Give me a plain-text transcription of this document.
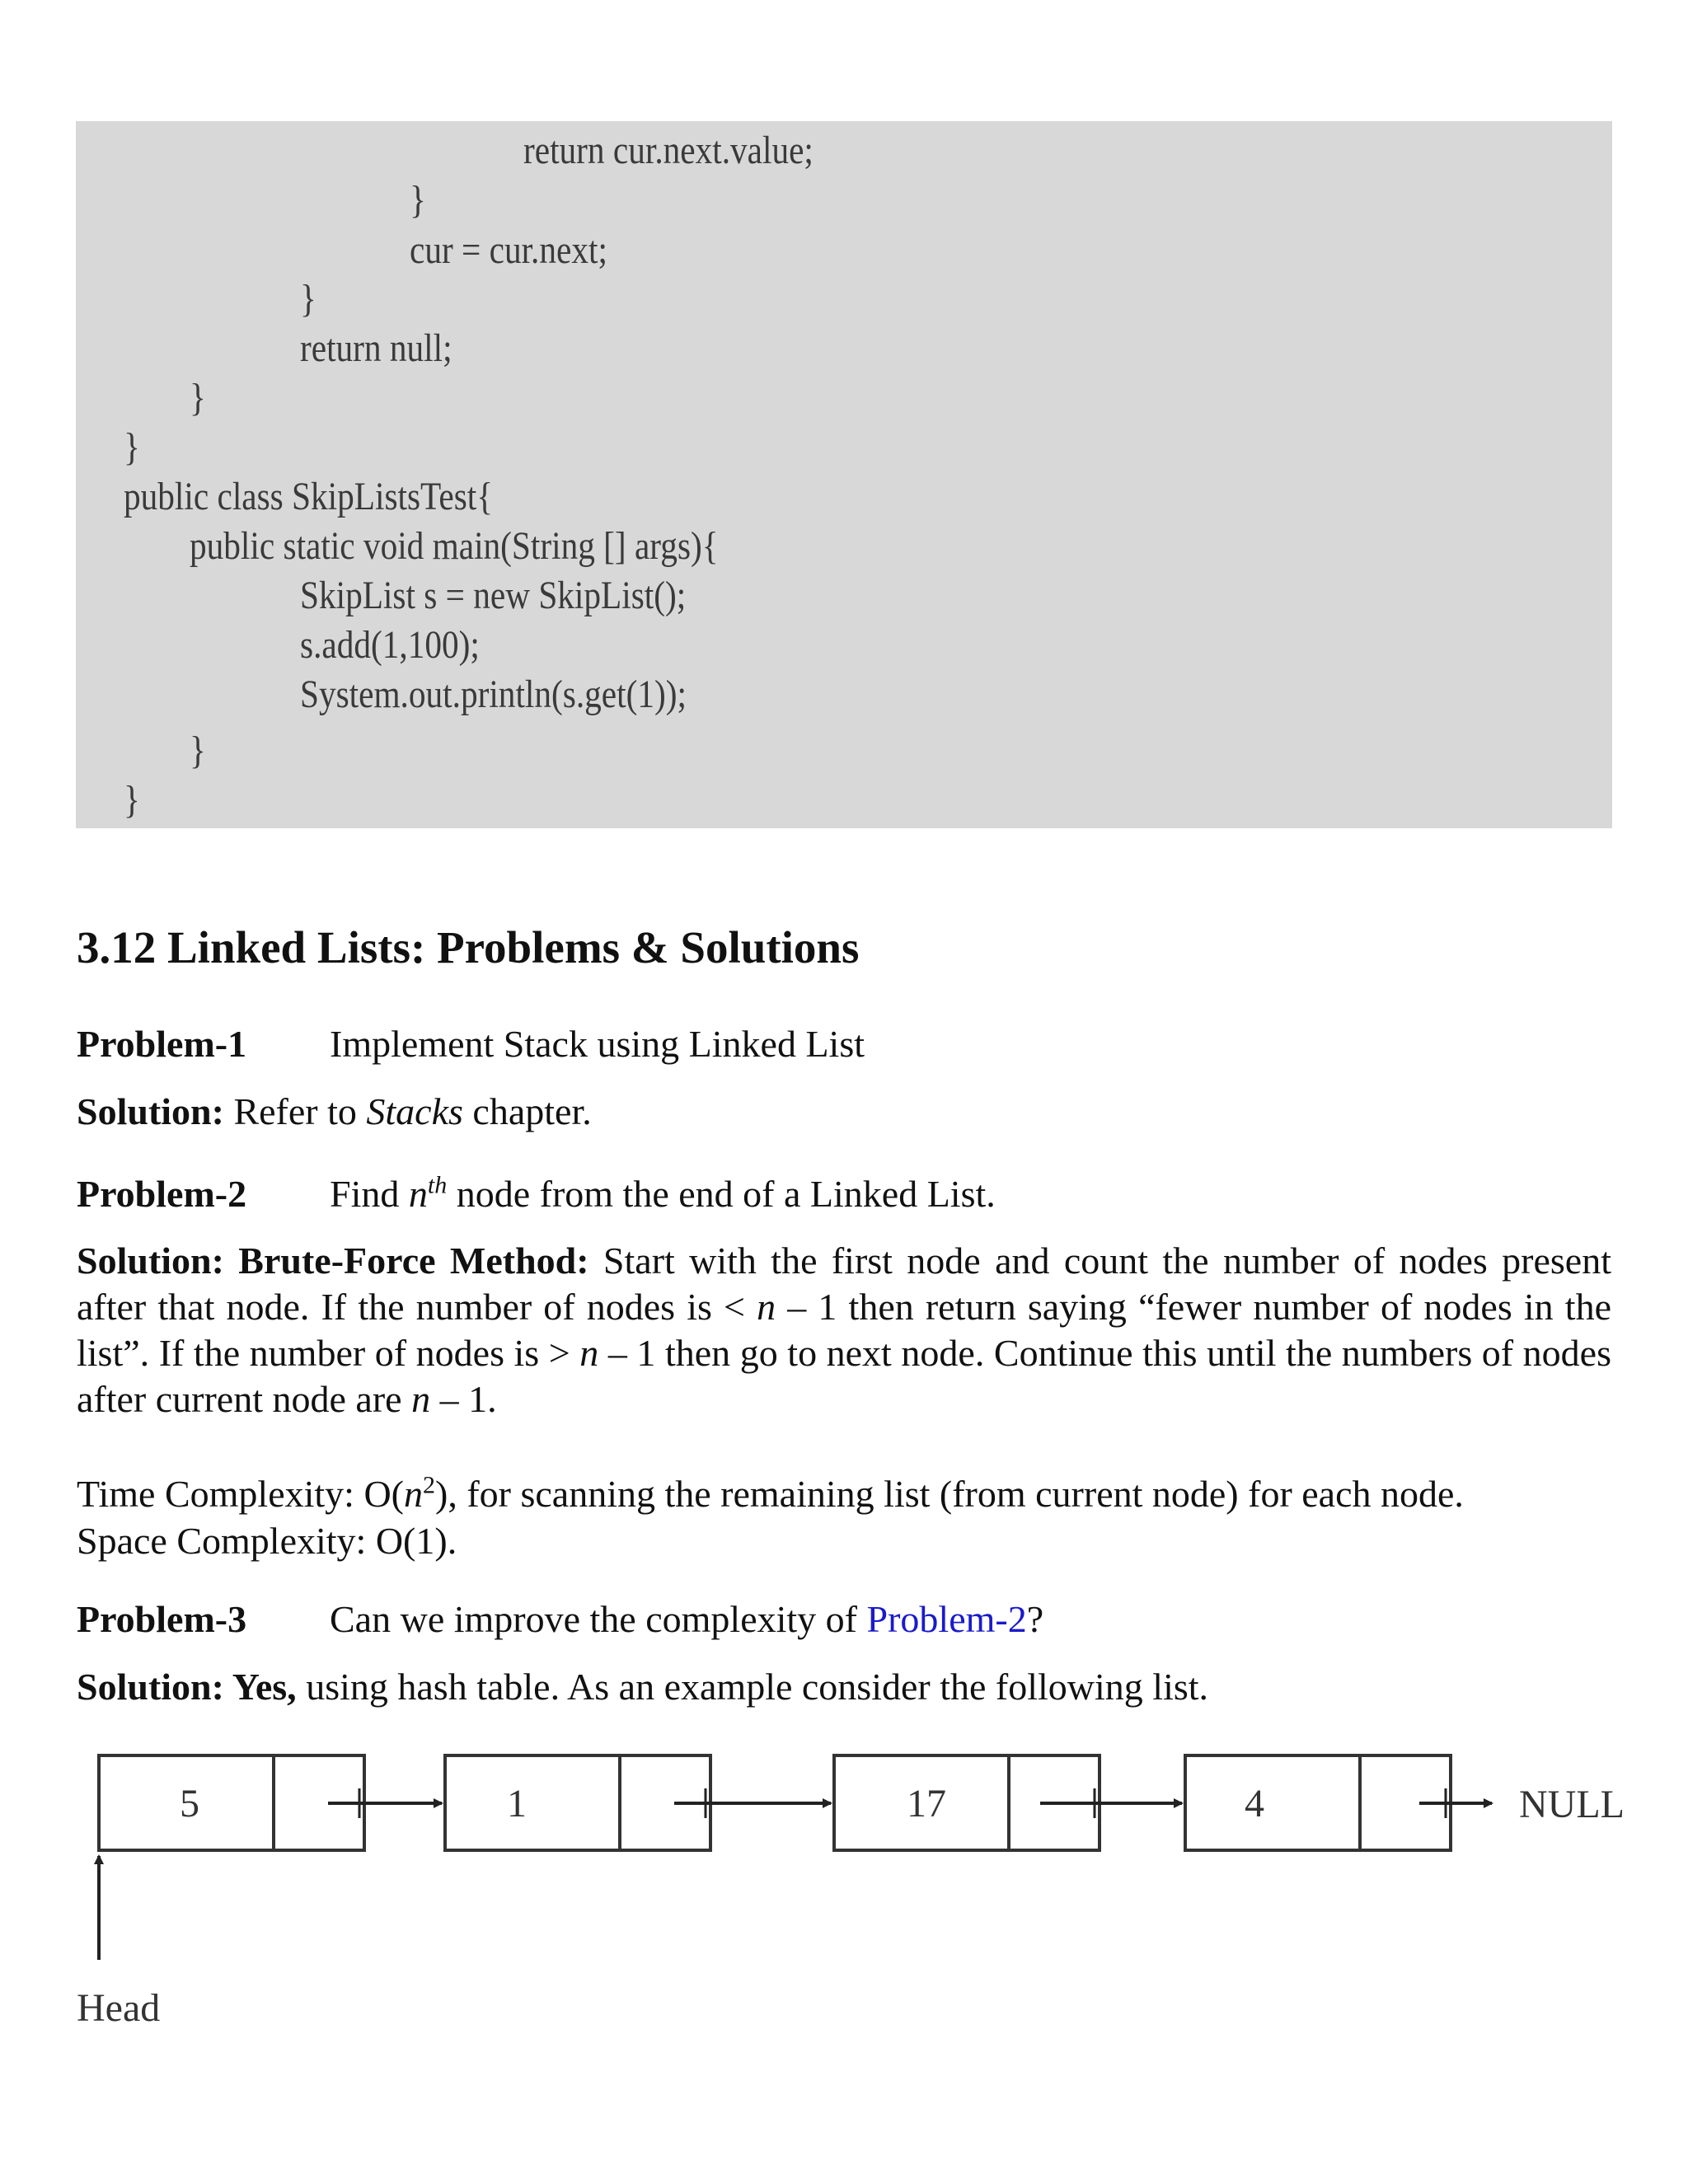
return cur.next.value;
}
cur = cur.next;
}
return null;
}
}
public class SkipListsTest{
public static void main(String [] args){
SkipList s = new SkipList();
s.add(1,100);
System.out.println(s.get(1));
}
}
3.12 Linked Lists: Problems & Solutions
Problem-1 Implement Stack using Linked List
Solution: Refer to Stacks chapter.
Problem-2 Find $n^{th}$ node from the end of a Linked List.

Solution: Brute-Force Method: Start with the first node and count the number of nodes present after that node. If the number of nodes is < n – 1 then return saying “fewer number of nodes in the list”. If the number of nodes is > n – 1 then go to next node. Continue this until the numbers of nodes after current node are n – 1.

Time Complexity: $O(n^2)$, for scanning the remaining list (from current node) for each node.
Space Complexity: O(1).
Problem-3 Can we improve the complexity of Problem-2?
Solution: Yes, using hash table. As an example consider the following list.
5	1	17	4	NULL
Head
